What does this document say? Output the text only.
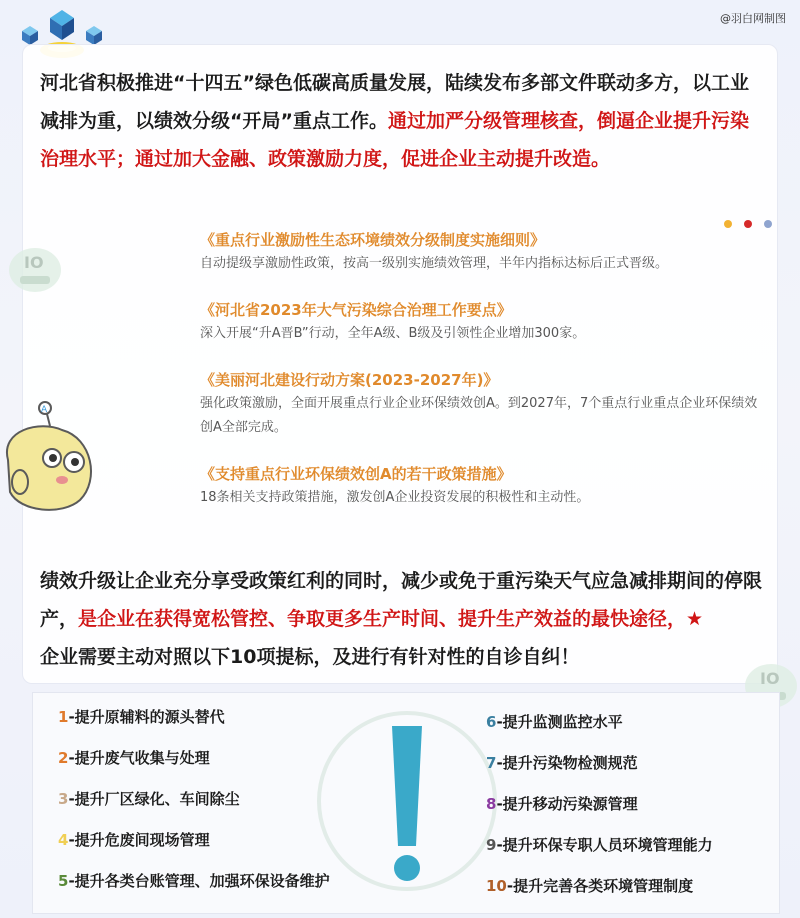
@羽白网制图
河北省积极推进“十四五”绿色低碳高质量发展，陆续发布多部文件联动多方，以工业减排为重，以绩效分级“开局”重点工作。通过加严分级管理核查，倒逼企业提升污染治理水平；通过加大金融、政策激励力度，促进企业主动提升改造。
IO
IO
A
《重点行业激励性生态环境绩效分级制度实施细则》
自动提级享激励性政策，按高一级别实施绩效管理，半年内指标达标后正式晋级。
《河北省2023年大气污染综合治理工作要点》
深入开展“升A晋B”行动，全年A级、B级及引领性企业增加300家。
《美丽河北建设行动方案(2023-2027年)》
强化政策激励，全面开展重点行业企业环保绩效创A。到2027年，7个重点行业重点企业环保绩效创A全部完成。
《支持重点行业环保绩效创A的若干政策措施》
18条相关支持政策措施，激发创A企业投资发展的积极性和主动性。
绩效升级让企业充分享受政策红利的同时，减少或免于重污染天气应急减排期间的停限产，是企业在获得宽松管控、争取更多生产时间、提升生产效益的最快途径，★
企业需要主动对照以下10项提标，及进行有针对性的自诊自纠！
1-提升原辅料的源头替代
2-提升废气收集与处理
3-提升厂区绿化、车间除尘
4-提升危废间现场管理
5-提升各类台账管理、加强环保设备维护
6-提升监测监控水平
7-提升污染物检测规范
8-提升移动污染源管理
9-提升环保专职人员环境管理能力
10-提升完善各类环境管理制度
